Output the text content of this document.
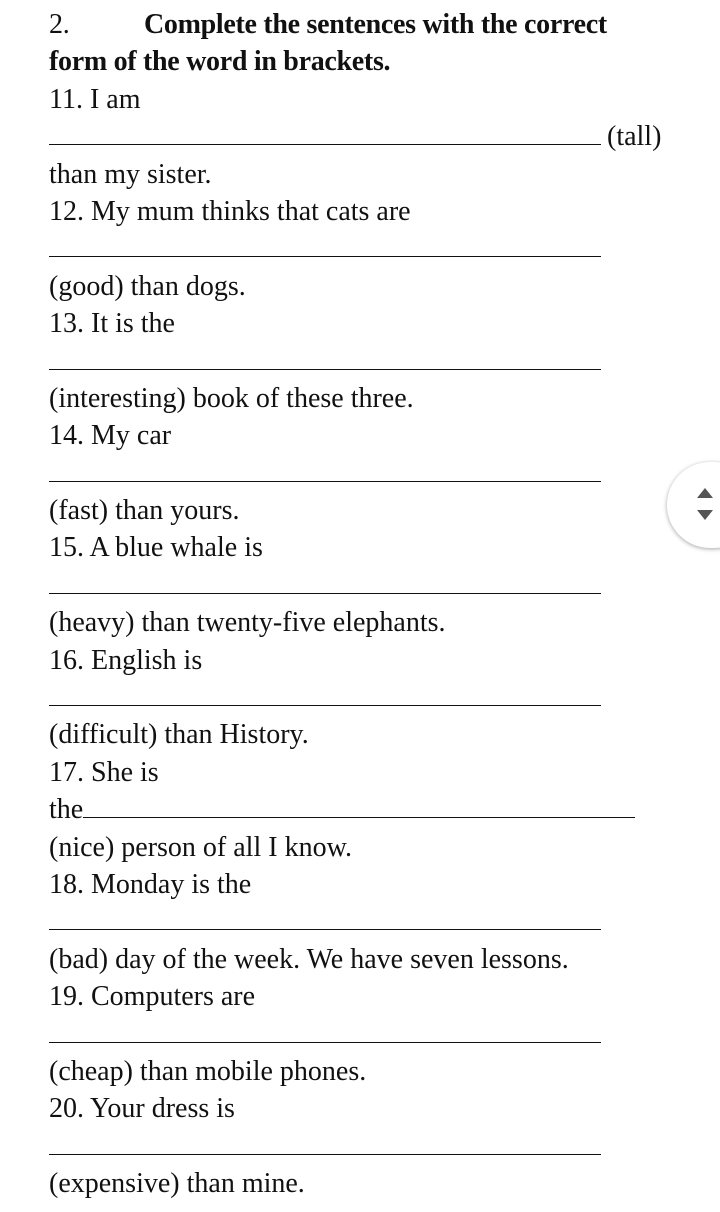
2.	Complete the sentences with the correct
form of the word in brackets.
11. I am
(tall)
than my sister.
12. My mum thinks that cats are
(good) than dogs.
13. It is the
(interesting) book of these three.
14. My car
(fast) than yours.
15. A blue whale is
(heavy) than twenty-five elephants.
16. English is
(difficult) than History.
17. She is
the
(nice) person of all I know.
18. Monday is the
(bad) day of the week. We have seven lessons.
19. Computers are
(cheap) than mobile phones.
20. Your dress is
(expensive) than mine.
